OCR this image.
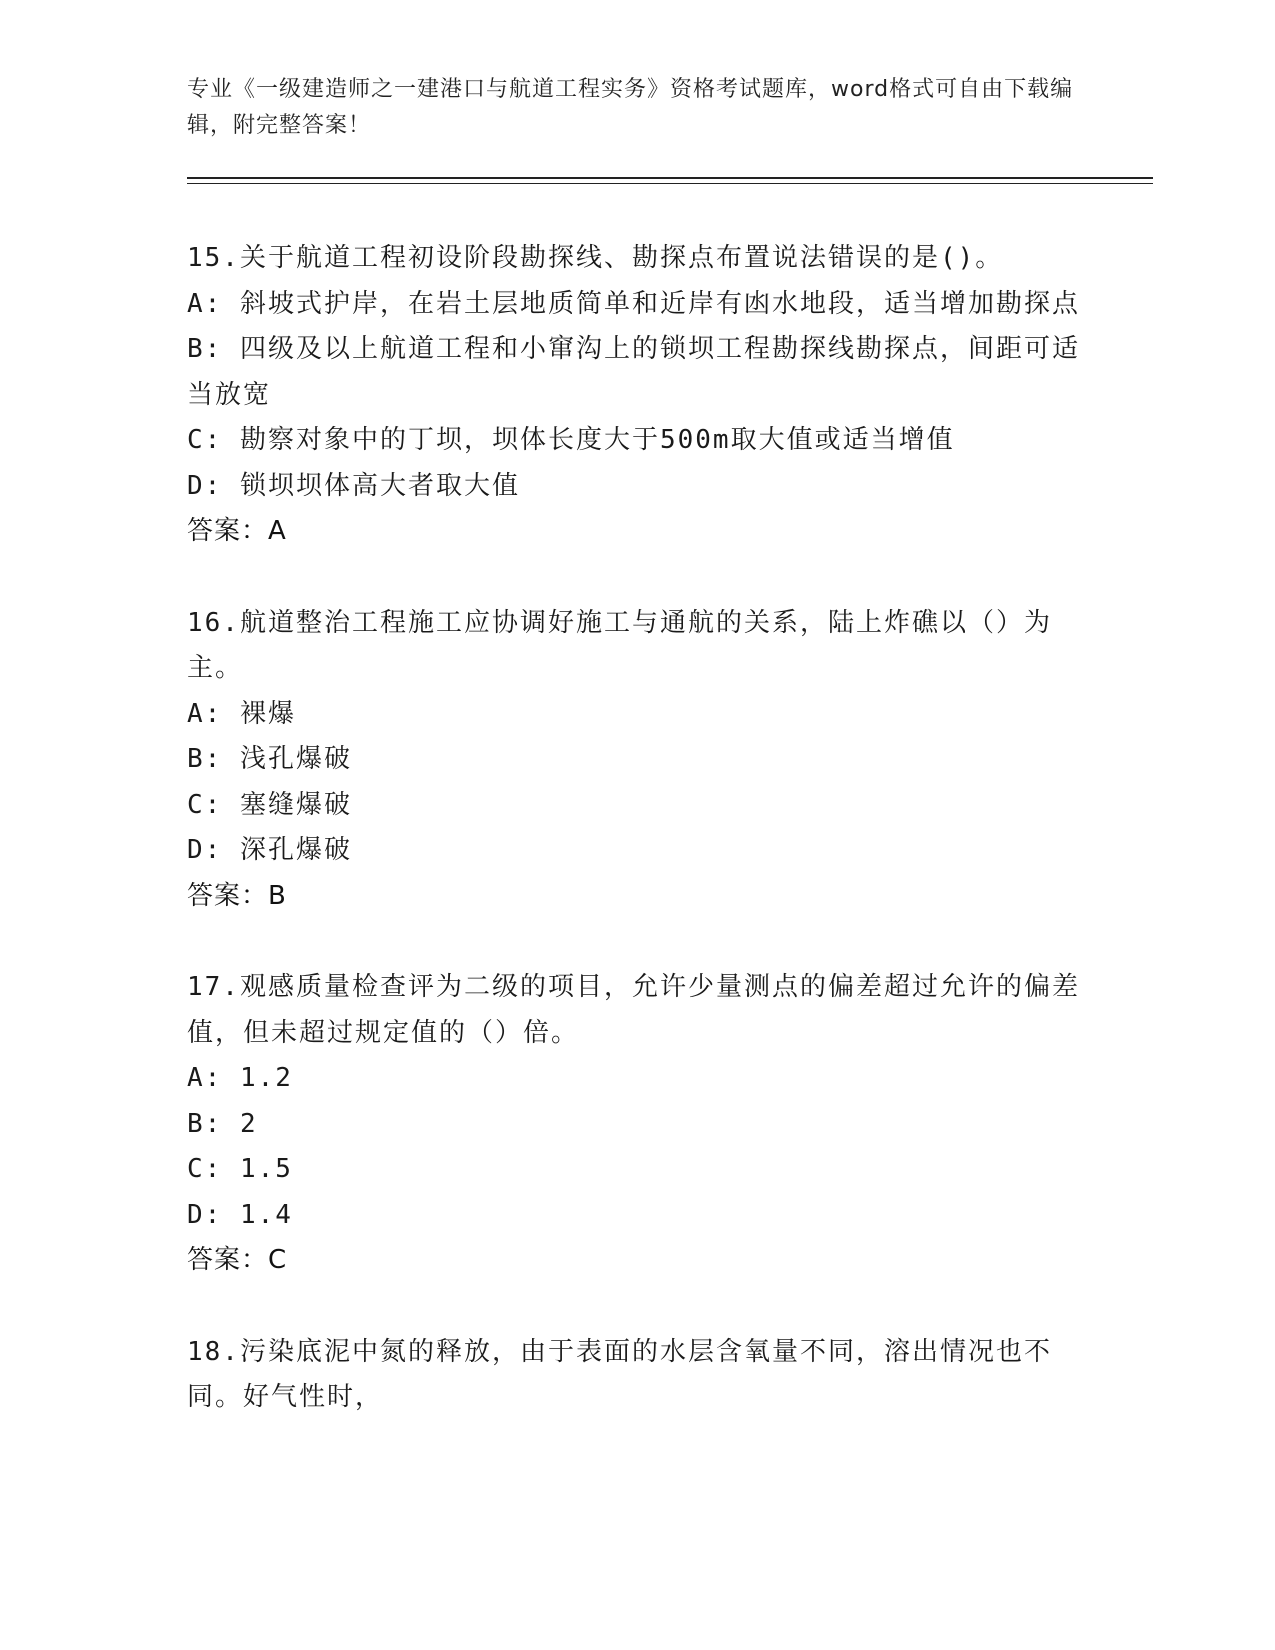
专业《一级建造师之一建港口与航道工程实务》资格考试题库，word格式可自由下载编辑，附完整答案！
15.关于航道工程初设阶段勘探线、勘探点布置说法错误的是()。
A: 斜坡式护岸，在岩土层地质简单和近岸有凼水地段，适当增加勘探点
B: 四级及以上航道工程和小窜沟上的锁坝工程勘探线勘探点，间距可适当放宽
C: 勘察对象中的丁坝，坝体长度大于500m取大值或适当增值
D: 锁坝坝体高大者取大值
答案：A
16.航道整治工程施工应协调好施工与通航的关系，陆上炸礁以（）为主。
A: 裸爆
B: 浅孔爆破
C: 塞缝爆破
D: 深孔爆破
答案：B
17.观感质量检查评为二级的项目，允许少量测点的偏差超过允许的偏差值，但未超过规定值的（）倍。
A: 1.2
B: 2
C: 1.5
D: 1.4
答案：C
18.污染底泥中氮的释放，由于表面的水层含氧量不同，溶出情况也不同。好气性时，
